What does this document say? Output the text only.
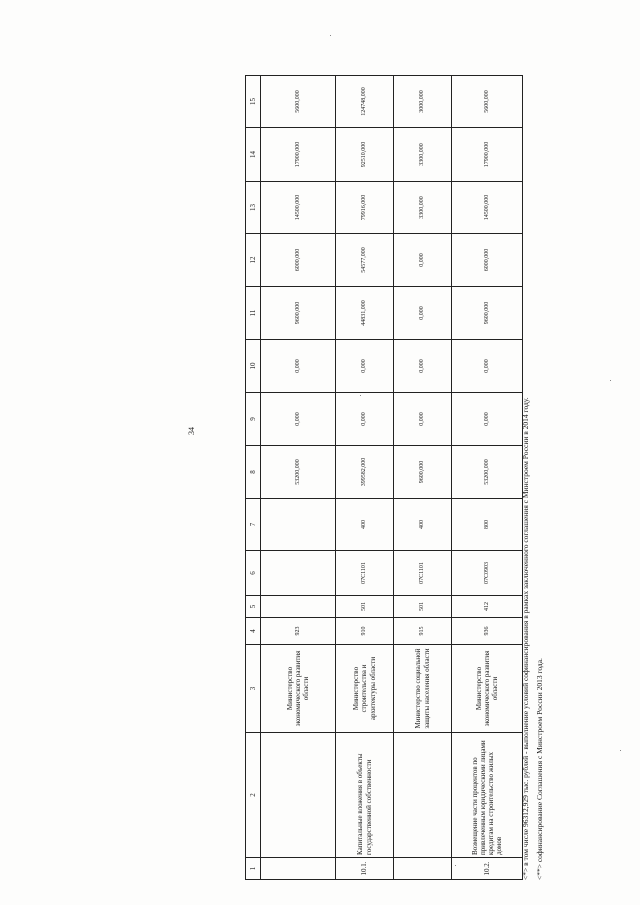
34
1	2	3	4	5	6	7	8	9	10	11	12	13	14	15
		Министерство экономического развития области	923				53200,000	0,000	0,000	9600,000	6000,000	14500,000	17900,000	5600,000
10.1.	Капитальные вложения в объекты государственной собственности	Министерство строительства и архитектуры области	910	501	07С1101	400	399582,000	0,000	0,000	44831,000	54577,000	79916,000	92510,000	124748,000
		Министерство социальной защиты населения области	915	501	07С1101	400	9600,000	0,000	0,000	0,000	0,000	3300,000	3300,000	3000,000
10.2.	Возмещение части процентов по привлеченным юридическими лицами кредитам на строительство жилых домов	Министерство экономического развития области	936	412	07С0903	800	53200,000	0,000	0,000	9600,000	6000,000	14500,000	17900,000	5600,000
<*> в том числе 96312,929 тыс. рублей - выполнение условий софинансирования в рамках заключенного соглашения с Минстроем России в 2014 году. <**> софинансирование Соглашения с Минстроем России 2013 года.
